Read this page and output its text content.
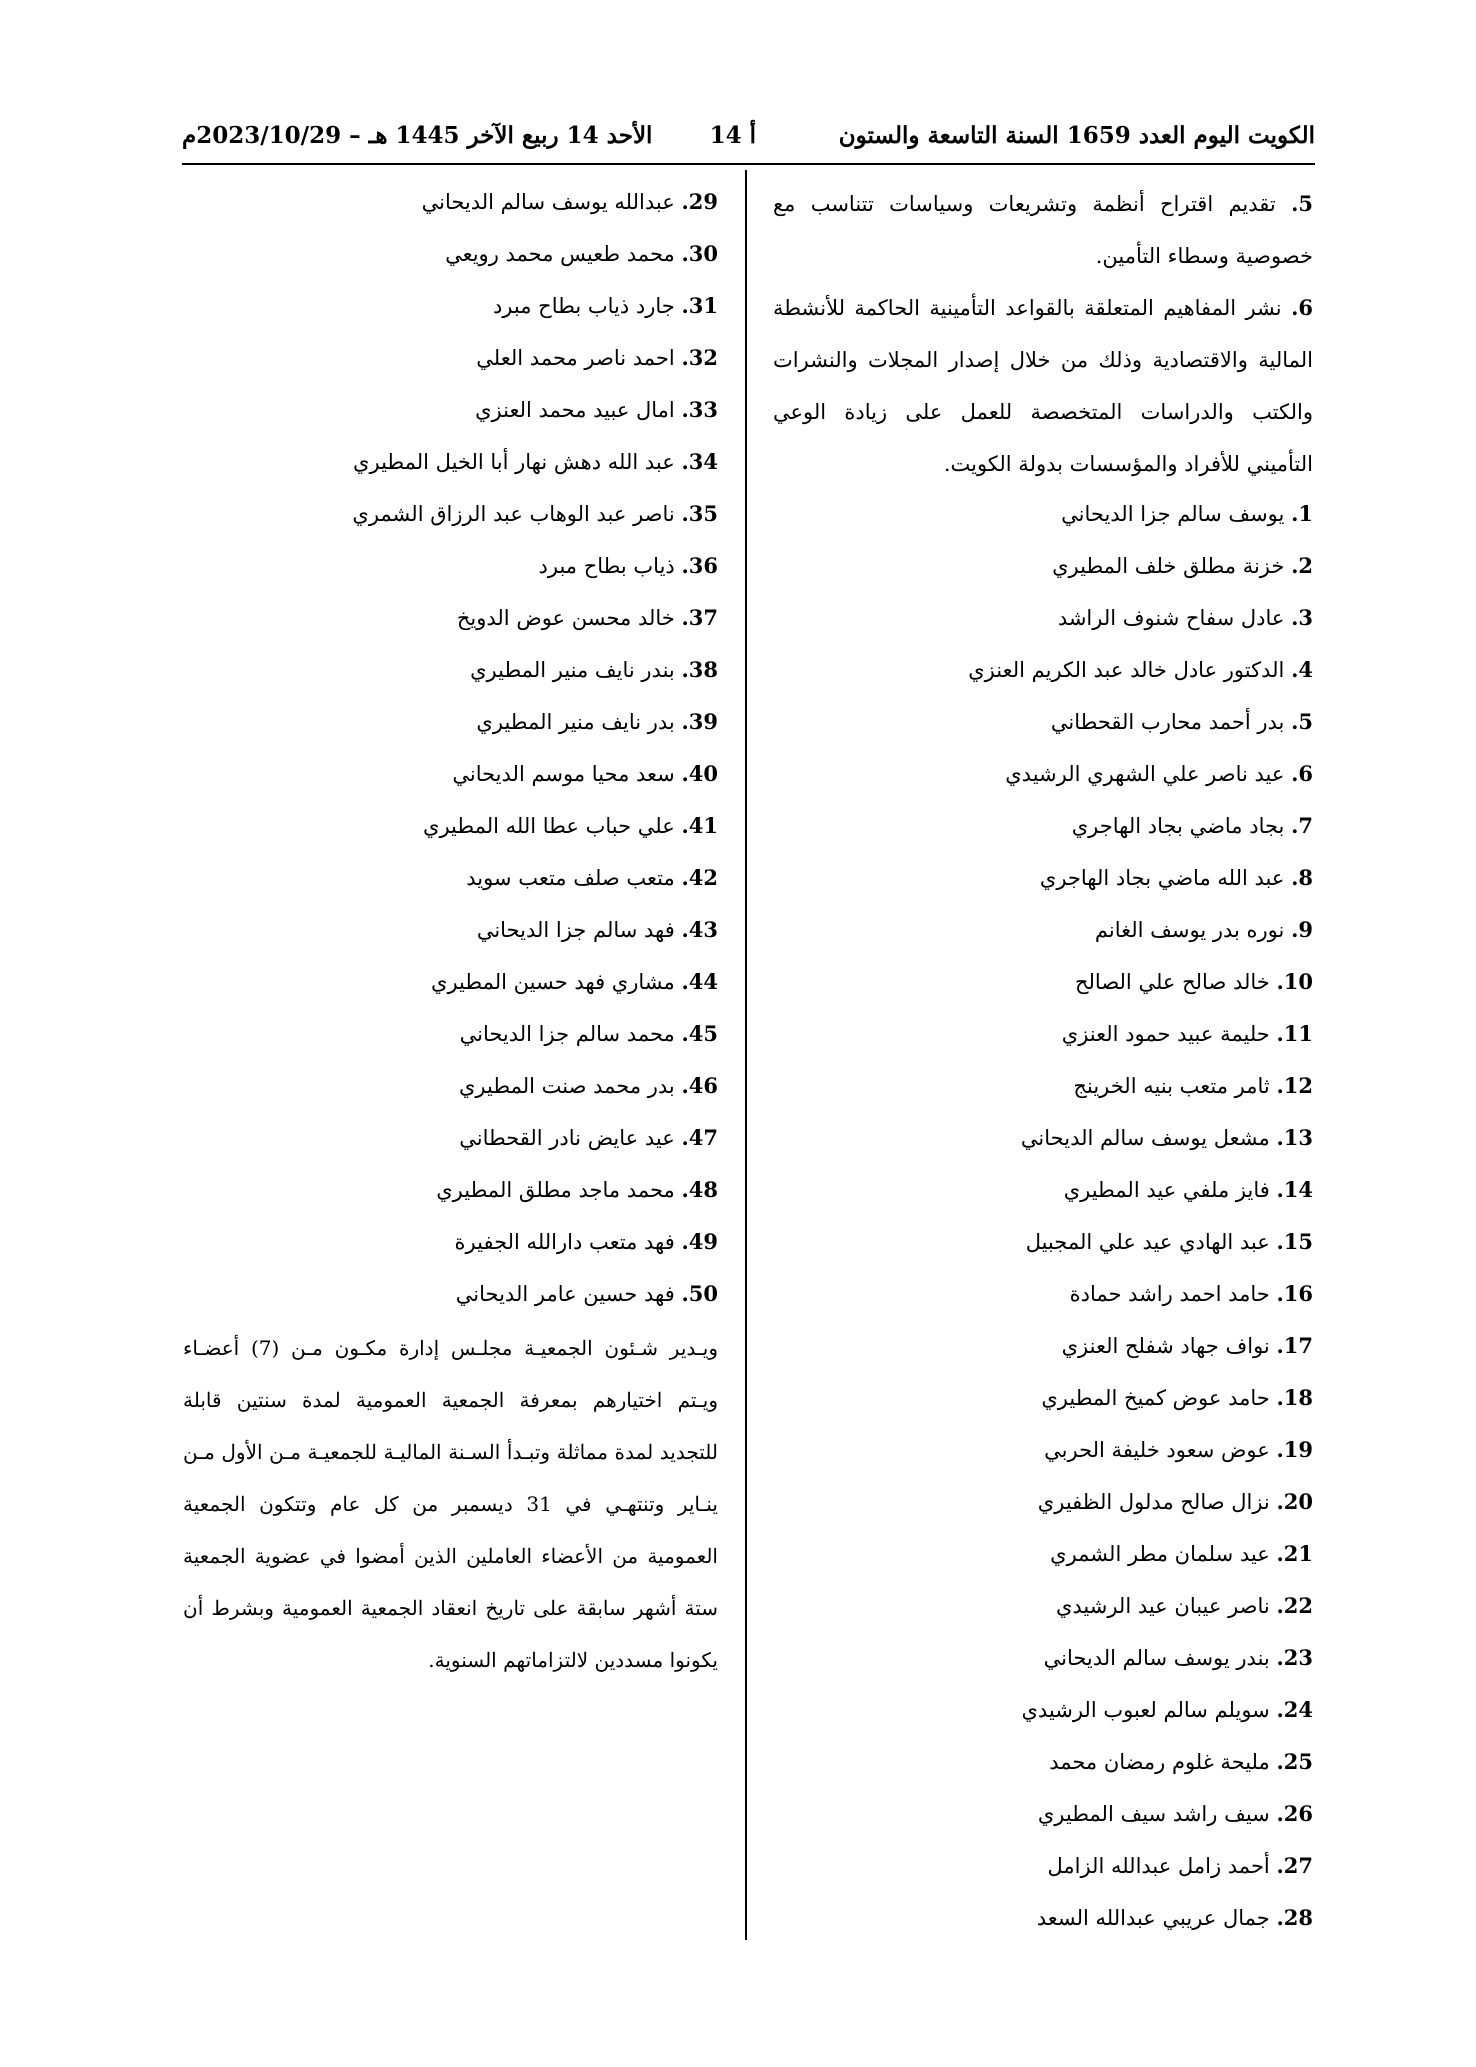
الكويت اليوم العدد 1659 السنة التاسعة والستون
أ 14
الأحد 14 ربيع الآخر 1445 هـ – 2023/10/29م

5. تقديم اقتراح أنظمة وتشريعات وسياسات تتناسب مع خصوصية وسطاء التأمين.

6. نشر المفاهيم المتعلقة بالقواعد التأمينية الحاكمة للأنشطة المالية والاقتصادية وذلك من خلال إصدار المجلات والنشرات والكتب والدراسات المتخصصة للعمل على زيادة الوعي التأميني للأفراد والمؤسسات بدولة الكويت.

1. يوسف سالم جزا الديحاني
2. خزنة مطلق خلف المطيري
3. عادل سفاح شنوف الراشد
4. الدكتور عادل خالد عبد الكريم العنزي
5. بدر أحمد محارب القحطاني
6. عيد ناصر علي الشهري الرشيدي
7. بجاد ماضي بجاد الهاجري
8. عبد الله ماضي بجاد الهاجري
9. نوره بدر يوسف الغانم
10. خالد صالح علي الصالح
11. حليمة عبيد حمود العنزي
12. ثامر متعب بنيه الخرينج
13. مشعل يوسف سالم الديحاني
14. فايز ملفي عيد المطيري
15. عبد الهادي عيد علي المجبيل
16. حامد احمد راشد حمادة
17. نواف جهاد شفلح العنزي
18. حامد عوض كميخ المطيري
19. عوض سعود خليفة الحربي
20. نزال صالح مدلول الظفيري
21. عيد سلمان مطر الشمري
22. ناصر عيبان عيد الرشيدي
23. بندر يوسف سالم الديحاني
24. سويلم سالم لعبوب الرشيدي
25. مليحة غلوم رمضان محمد
26. سيف راشد سيف المطيري
27. أحمد زامل عبدالله الزامل
28. جمال عريبي عبدالله السعد
29. عبدالله يوسف سالم الديحاني
30. محمد طعيس محمد رويعي
31. جارد ذياب بطاح مبرد
32. احمد ناصر محمد العلي
33. امال عبيد محمد العنزي
34. عبد الله دهش نهار أبا الخيل المطيري
35. ناصر عبد الوهاب عبد الرزاق الشمري
36. ذياب بطاح مبرد
37. خالد محسن عوض الدويخ
38. بندر نايف منير المطيري
39. بدر نايف منير المطيري
40. سعد محيا موسم الديحاني
41. علي حباب عطا الله المطيري
42. متعب صلف متعب سويد
43. فهد سالم جزا الديحاني
44. مشاري فهد حسين المطيري
45. محمد سالم جزا الديحاني
46. بدر محمد صنت المطيري
47. عيد عايض نادر القحطاني
48. محمد ماجد مطلق المطيري
49. فهد متعب دارالله الجفيرة
50. فهد حسين عامر الديحاني

ويـدير شـئون الجمعيـة مجلـس إدارة مكـون مـن (7) أعضـاء ويـتم اختيارهم بمعرفة الجمعية العمومية لمدة سنتين قابلة للتجديد لمدة مماثلة وتبـدأ السـنة الماليـة للجمعيـة مـن الأول مـن ينـاير وتنتهـي في 31 ديسمبر من كل عام وتتكون الجمعية العمومية من الأعضاء العاملين الذين أمضوا في عضوية الجمعية ستة أشهر سابقة على تاريخ انعقاد الجمعية العمومية وبشرط أن يكونوا مسددين لالتزاماتهم السنوية.
